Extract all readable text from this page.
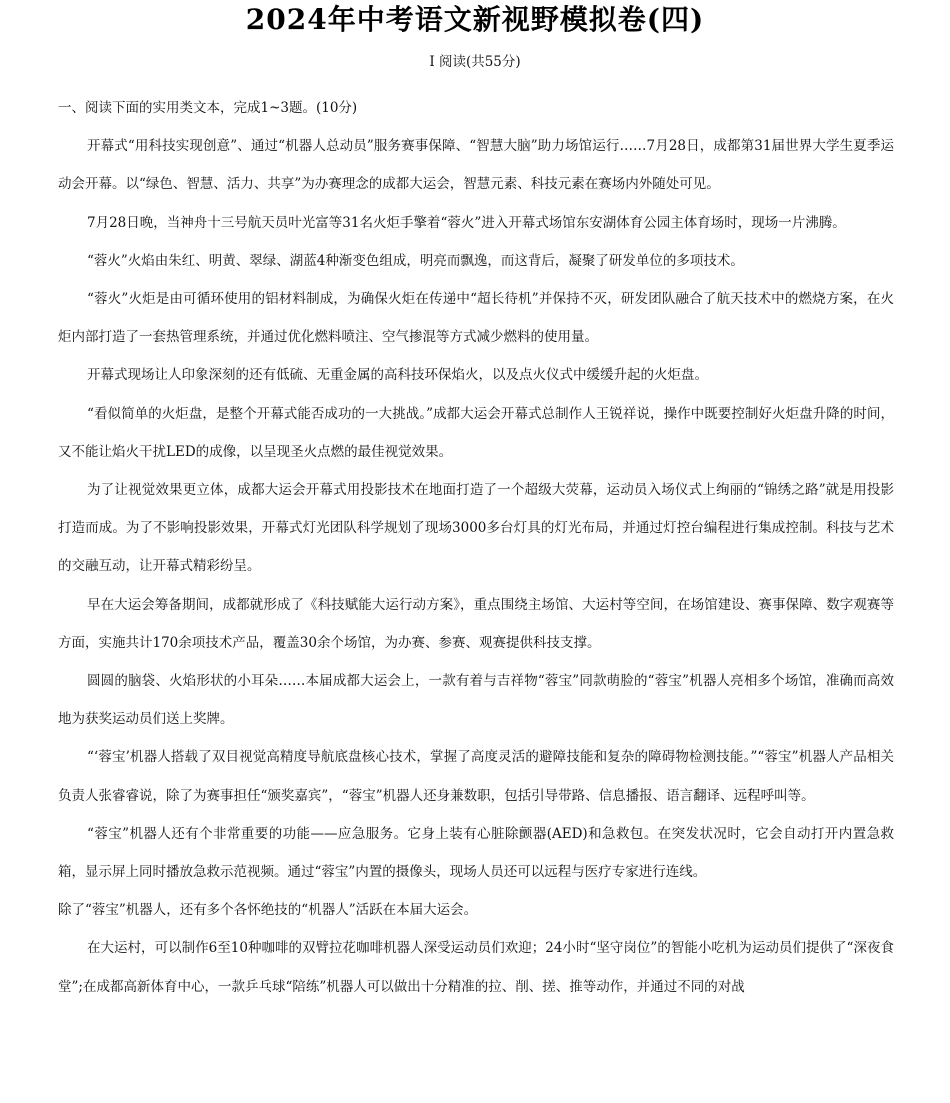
2024年中考语文新视野模拟卷(四)
Ⅰ 阅读(共55分)

一、阅读下面的实用类文本，完成1~3题。(10分)

开幕式“用科技实现创意”、通过“机器人总动员”服务赛事保障、“智慧大脑”助力场馆运行……7月28日，成都第31届世界大学生夏季运动会开幕。以“绿色、智慧、活力、共享”为办赛理念的成都大运会，智慧元素、科技元素在赛场内外随处可见。

7月28日晚，当神舟十三号航天员叶光富等31名火炬手擎着“蓉火”进入开幕式场馆东安湖体育公园主体育场时，现场一片沸腾。

“蓉火”火焰由朱红、明黄、翠绿、湖蓝4种渐变色组成，明亮而飘逸，而这背后，凝聚了研发单位的多项技术。

“蓉火”火炬是由可循环使用的铝材料制成，为确保火炬在传递中“超长待机”并保持不灭，研发团队融合了航天技术中的燃烧方案，在火炬内部打造了一套热管理系统，并通过优化燃料喷注、空气掺混等方式减少燃料的使用量。

开幕式现场让人印象深刻的还有低硫、无重金属的高科技环保焰火，以及点火仪式中缓缓升起的火炬盘。

“看似简单的火炬盘，是整个开幕式能否成功的一大挑战。”成都大运会开幕式总制作人王锐祥说，操作中既要控制好火炬盘升降的时间，又不能让焰火干扰LED的成像，以呈现圣火点燃的最佳视觉效果。

为了让视觉效果更立体，成都大运会开幕式用投影技术在地面打造了一个超级大荧幕，运动员入场仪式上绚丽的“锦绣之路”就是用投影打造而成。为了不影响投影效果，开幕式灯光团队科学规划了现场3000多台灯具的灯光布局，并通过灯控台编程进行集成控制。科技与艺术的交融互动，让开幕式精彩纷呈。

早在大运会筹备期间，成都就形成了《科技赋能大运行动方案》，重点围绕主场馆、大运村等空间，在场馆建设、赛事保障、数字观赛等方面，实施共计170余项技术产品，覆盖30余个场馆，为办赛、参赛、观赛提供科技支撑。

圆圆的脑袋、火焰形状的小耳朵……本届成都大运会上，一款有着与吉祥物“蓉宝”同款萌脸的“蓉宝”机器人亮相多个场馆，准确而高效地为获奖运动员们送上奖牌。

“‘蓉宝’机器人搭载了双目视觉高精度导航底盘核心技术，掌握了高度灵活的避障技能和复杂的障碍物检测技能。”“蓉宝”机器人产品相关负责人张睿睿说，除了为赛事担任“颁奖嘉宾”，“蓉宝”机器人还身兼数职，包括引导带路、信息播报、语言翻译、远程呼叫等。

“蓉宝”机器人还有个非常重要的功能——应急服务。它身上装有心脏除颤器(AED)和急救包。在突发状况时，它会自动打开内置急救箱，显示屏上同时播放急救示范视频。通过“蓉宝”内置的摄像头，现场人员还可以远程与医疗专家进行连线。

除了“蓉宝”机器人，还有多个各怀绝技的“机器人”活跃在本届大运会。

在大运村，可以制作6至10种咖啡的双臂拉花咖啡机器人深受运动员们欢迎；24小时“坚守岗位”的智能小吃机为运动员们提供了“深夜食堂”;在成都高新体育中心，一款乒乓球“陪练”机器人可以做出十分精准的拉、削、搓、推等动作，并通过不同的对战
